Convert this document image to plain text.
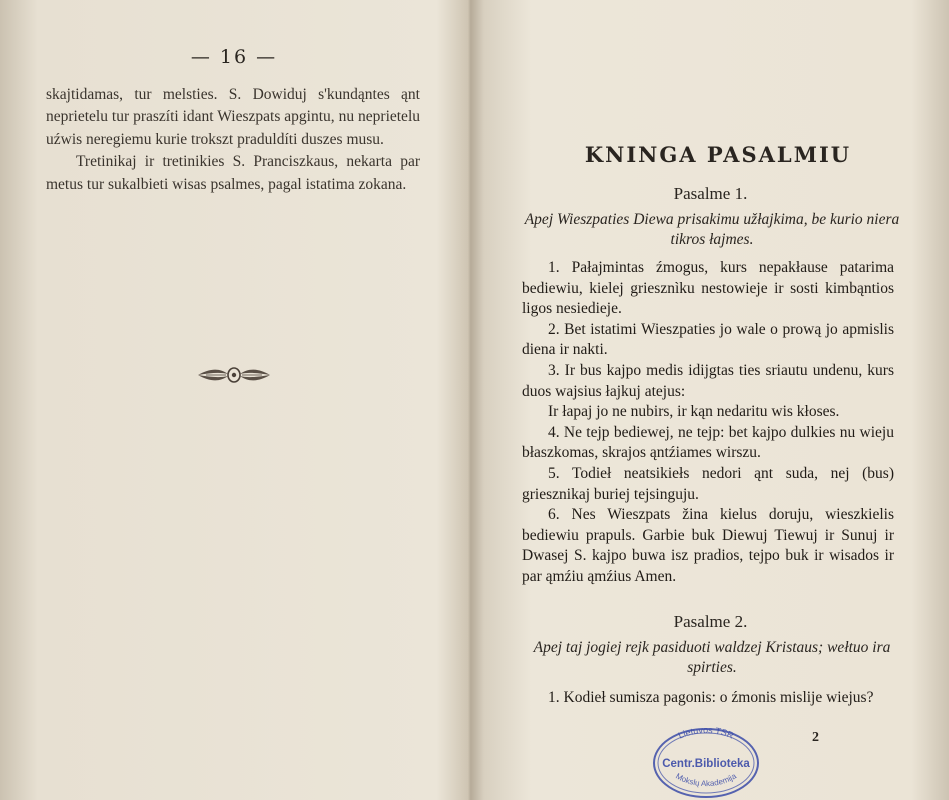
— 16 —

skajtidamas, tur melsties. S. Dowiduj s'kundąntes ąnt neprietelu tur praszíti idant Wieszpats apgintu, nu neprietelu uźwis neregiemu kurie trokszt praduldíti duszes musu.

Tretinikaj ir tretinikies S. Pranciszkaus, nekarta par metus tur sukalbieti wisas psalmes, pagal istatima zokana.

KNINGA PASALMIU
Pasalme 1.
Apej Wieszpaties Diewa prisakimu užłajkima, be kurio niera tikros łajmes.

1. Pałajmintas źmogus, kurs nepakłause patarima bediewiu, kielej griesznìku nestowieje ir sosti kimbąntios ligos nesiedieje.

2. Bet istatimi Wieszpaties jo wale o prową jo apmislis diena ir nakti.

3. Ir bus kajpo medis idijgtas ties sriautu undenu, kurs duos wajsius łajkuj atejus:

Ir łapaj jo ne nubirs, ir kąn nedaritu wis kłoses.

4. Ne tejp bediewej, ne tejp: bet kajpo dulkies nu wieju błaszkomas, skrajos ąntźiames wirszu.

5. Todieł neatsikiełs nedori ąnt suda, nej (bus) griesznikaj buriej tejsinguju.

6. Nes Wieszpats žina kielus doruju, wieszkielis bediewiu prapuls. Garbie buk Diewuj Tiewuj ir Sunuj ir Dwasej S. kajpo buwa isz pradios, tejpo buk ir wisados ir par ąmźiu ąmźius Amen.

Pasalme 2.
Apej taj jogiej rejk pasiduoti waldzej Kristaus; wełtuo ira spirties.

1. Kodieł sumisza pagonis: o źmonis mislije wiejus?

Lietuvos TSR
Centr.Biblioteka
Mokslų Akademija
2
